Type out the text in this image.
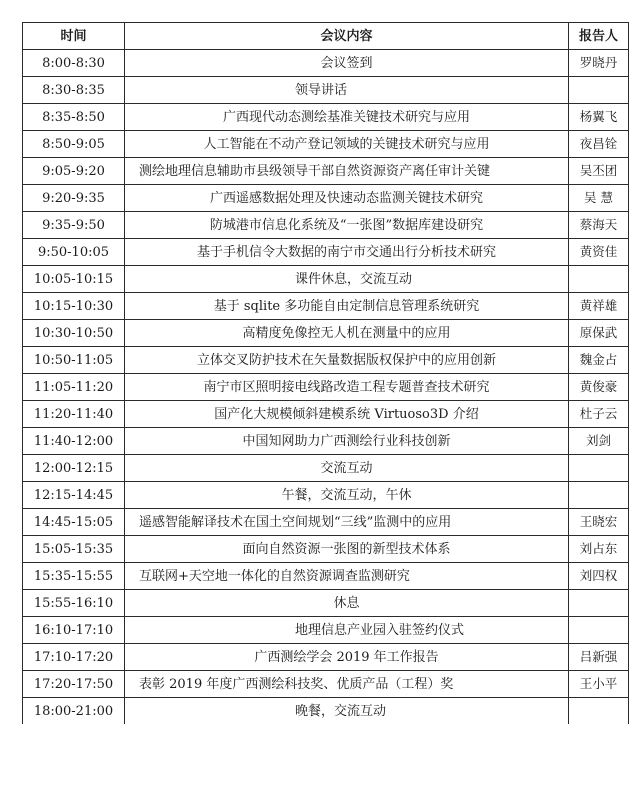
时间	会议内容	报告人
8:00-8:30	会议签到	罗晓丹
8:30-8:35	领导讲话	
8:35-8:50	广西现代动态测绘基准关键技术研究与应用	杨翼飞
8:50-9:05	人工智能在不动产登记领域的关键技术研究与应用	夜昌铨
9:05-9:20	测绘地理信息辅助市县级领导干部自然资源资产离任审计关键	吴丕团
9:20-9:35	广西遥感数据处理及快速动态监测关键技术研究	吴 慧
9:35-9:50	防城港市信息化系统及“一张图”数据库建设研究	蔡海天
9:50-10:05	基于手机信令大数据的南宁市交通出行分析技术研究	黄资佳
10:05-10:15	课件休息，交流互动	
10:15-10:30	基于 sqlite 多功能自由定制信息管理系统研究	黄祥雄
10:30-10:50	高精度免像控无人机在测量中的应用	原保武
10:50-11:05	立体交叉防护技术在矢量数据版权保护中的应用创新	魏金占
11:05-11:20	南宁市区照明接电线路改造工程专题普查技术研究	黄俊豪
11:20-11:40	国产化大规模倾斜建模系统 Virtuoso3D 介绍	杜子云
11:40-12:00	中国知网助力广西测绘行业科技创新	刘剑
12:00-12:15	交流互动	
12:15-14:45	午餐，交流互动，午休	
14:45-15:05	遥感智能解译技术在国土空间规划“三线”监测中的应用	王晓宏
15:05-15:35	面向自然资源一张图的新型技术体系	刘占东
15:35-15:55	互联网+天空地一体化的自然资源调查监测研究	刘四权
15:55-16:10	休息	
16:10-17:10	地理信息产业园入驻签约仪式	
17:10-17:20	广西测绘学会 2019 年工作报告	吕新强
17:20-17:50	表彰 2019 年度广西测绘科技奖、优质产品（工程）奖	王小平
18:00-21:00	晚餐，交流互动	
